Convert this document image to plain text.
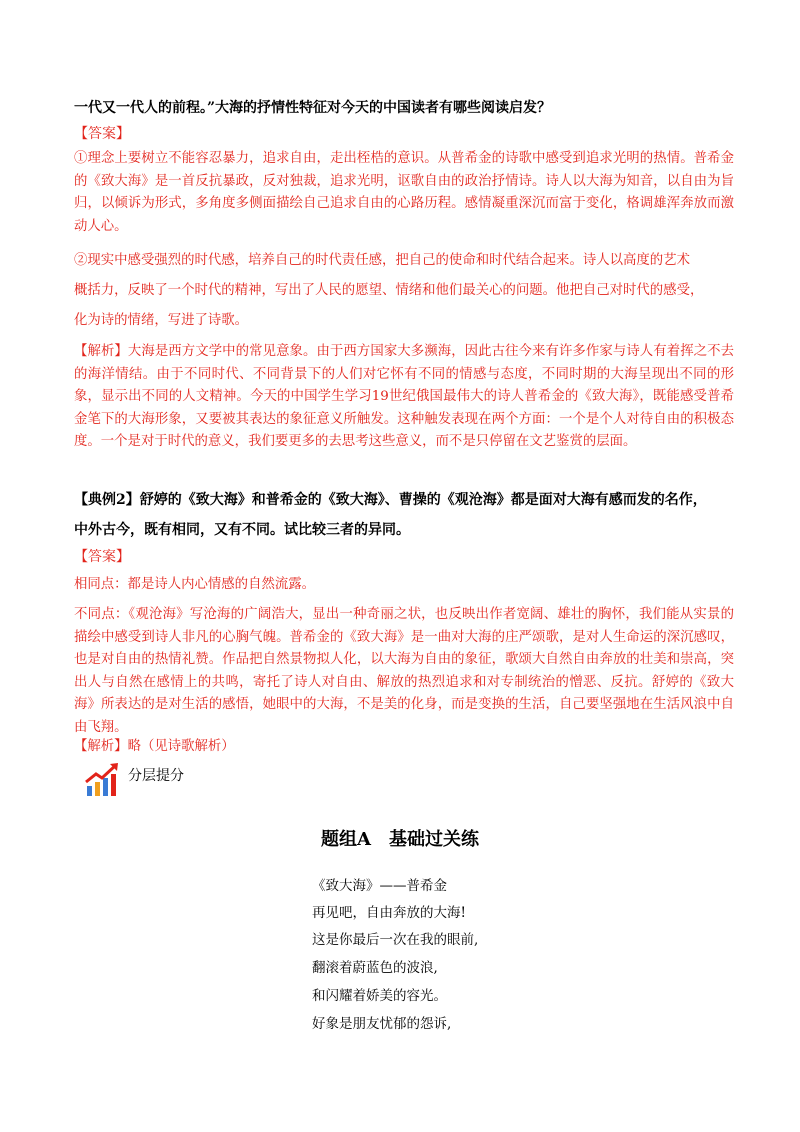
一代又一代人的前程。”大海的抒情性特征对今天的中国读者有哪些阅读启发？
【答案】

①理念上要树立不能容忍暴力，追求自由，走出桎梏的意识。从普希金的诗歌中感受到追求光明的热情。普希金的《致大海》是一首反抗暴政，反对独裁，追求光明，讴歌自由的政治抒情诗。诗人以大海为知音，以自由为旨归，以倾诉为形式，多角度多侧面描绘自己追求自由的心路历程。感情凝重深沉而富于变化，格调雄浑奔放而激动人心。

②现实中感受强烈的时代感，培养自己的时代责任感，把自己的使命和时代结合起来。诗人以高度的艺术

概括力，反映了一个时代的精神，写出了人民的愿望、情绪和他们最关心的问题。他把自己对时代的感受，

化为诗的情绪，写进了诗歌。

【解析】大海是西方文学中的常见意象。由于西方国家大多濒海，因此古往今来有许多作家与诗人有着挥之不去的海洋情结。由于不同时代、不同背景下的人们对它怀有不同的情感与态度，不同时期的大海呈现出不同的形象，显示出不同的人文精神。今天的中国学生学习19世纪俄国最伟大的诗人普希金的《致大海》，既能感受普希金笔下的大海形象，又要被其表达的象征意义所触发。这种触发表现在两个方面：一个是个人对待自由的积极态度。一个是对于时代的意义，我们要更多的去思考这些意义，而不是只停留在文艺鉴赏的层面。

【典例2】舒婷的《致大海》和普希金的《致大海》、曹操的《观沧海》都是面对大海有感而发的名作，
中外古今，既有相同，又有不同。试比较三者的异同。
【答案】

相同点：都是诗人内心情感的自然流露。

不同点：《观沧海》写沧海的广阔浩大，显出一种奇丽之状，也反映出作者宽阔、雄壮的胸怀，我们能从实景的描绘中感受到诗人非凡的心胸气魄。普希金的《致大海》是一曲对大海的庄严颂歌，是对人生命运的深沉感叹，也是对自由的热情礼赞。作品把自然景物拟人化，以大海为自由的象征，歌颂大自然自由奔放的壮美和崇高，突出人与自然在感情上的共鸣，寄托了诗人对自由、解放的热烈追求和对专制统治的憎恶、反抗。舒婷的《致大海》所表达的是对生活的感悟，她眼中的大海，不是美的化身，而是变换的生活，自己要坚强地在生活风浪中自由飞翔。

【解析】略（见诗歌解析）

分层提分
题组A　基础过关练
《致大海》——普希金
再见吧，自由奔放的大海!
这是你最后一次在我的眼前,
翻滚着蔚蓝色的波浪,
和闪耀着娇美的容光。
好象是朋友忧郁的怨诉,
